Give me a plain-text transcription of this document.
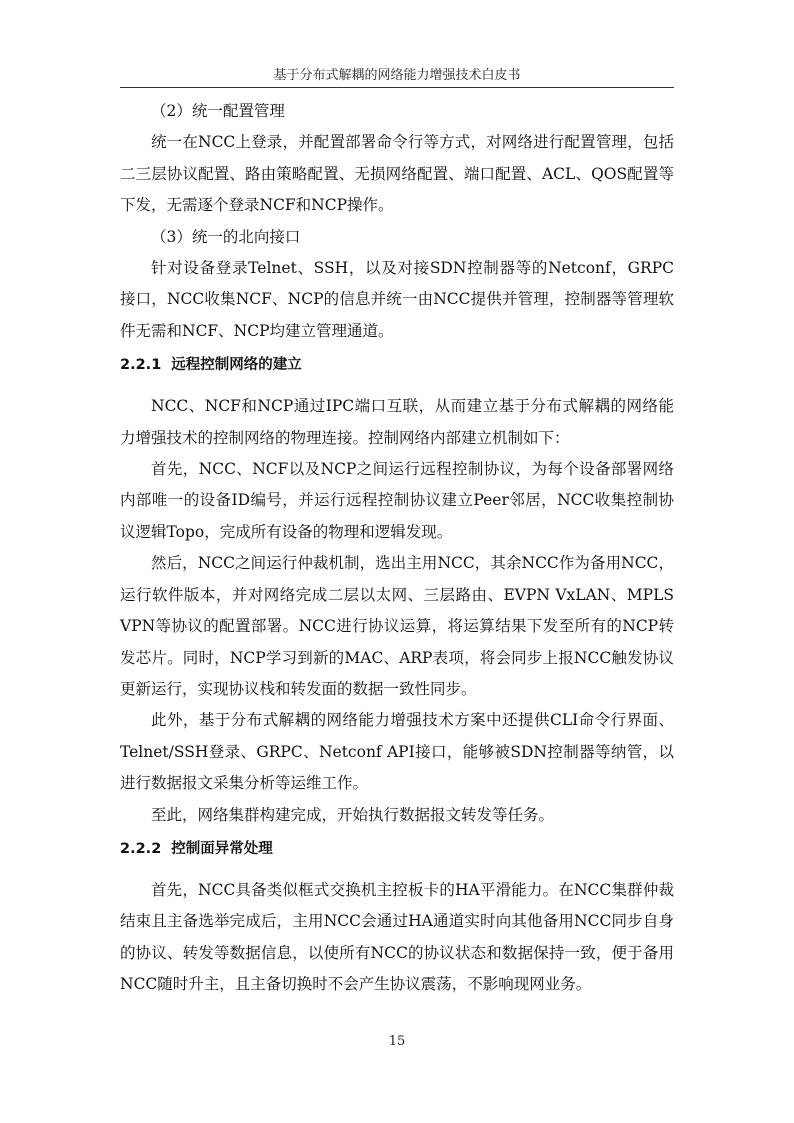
基于分布式解耦的网络能力增强技术白皮书

（2）统一配置管理

统一在NCC上登录，并配置部署命令行等方式，对网络进行配置管理，包括二三层协议配置、路由策略配置、无损网络配置、端口配置、ACL、QOS配置等下发，无需逐个登录NCF和NCP操作。

（3）统一的北向接口

针对设备登录Telnet、SSH，以及对接SDN控制器等的Netconf，GRPC接口，NCC收集NCF、NCP的信息并统一由NCC提供并管理，控制器等管理软件无需和NCF、NCP均建立管理通道。

2.2.1 远程控制网络的建立

NCC、NCF和NCP通过IPC端口互联，从而建立基于分布式解耦的网络能力增强技术的控制网络的物理连接。控制网络内部建立机制如下：

首先，NCC、NCF以及NCP之间运行远程控制协议，为每个设备部署网络内部唯一的设备ID编号，并运行远程控制协议建立Peer邻居，NCC收集控制协议逻辑Topo，完成所有设备的物理和逻辑发现。

然后，NCC之间运行仲裁机制，选出主用NCC，其余NCC作为备用NCC，运行软件版本，并对网络完成二层以太网、三层路由、EVPN VxLAN、MPLS VPN等协议的配置部署。NCC进行协议运算，将运算结果下发至所有的NCP转发芯片。同时，NCP学习到新的MAC、ARP表项，将会同步上报NCC触发协议更新运行，实现协议栈和转发面的数据一致性同步。

此外，基于分布式解耦的网络能力增强技术方案中还提供CLI命令行界面、Telnet/SSH登录、GRPC、Netconf API接口，能够被SDN控制器等纳管，以进行数据报文采集分析等运维工作。

至此，网络集群构建完成，开始执行数据报文转发等任务。

2.2.2 控制面异常处理

首先，NCC具备类似框式交换机主控板卡的HA平滑能力。在NCC集群仲裁结束且主备选举完成后，主用NCC会通过HA通道实时向其他备用NCC同步自身的协议、转发等数据信息，以使所有NCC的协议状态和数据保持一致，便于备用NCC随时升主，且主备切换时不会产生协议震荡，不影响现网业务。

15
